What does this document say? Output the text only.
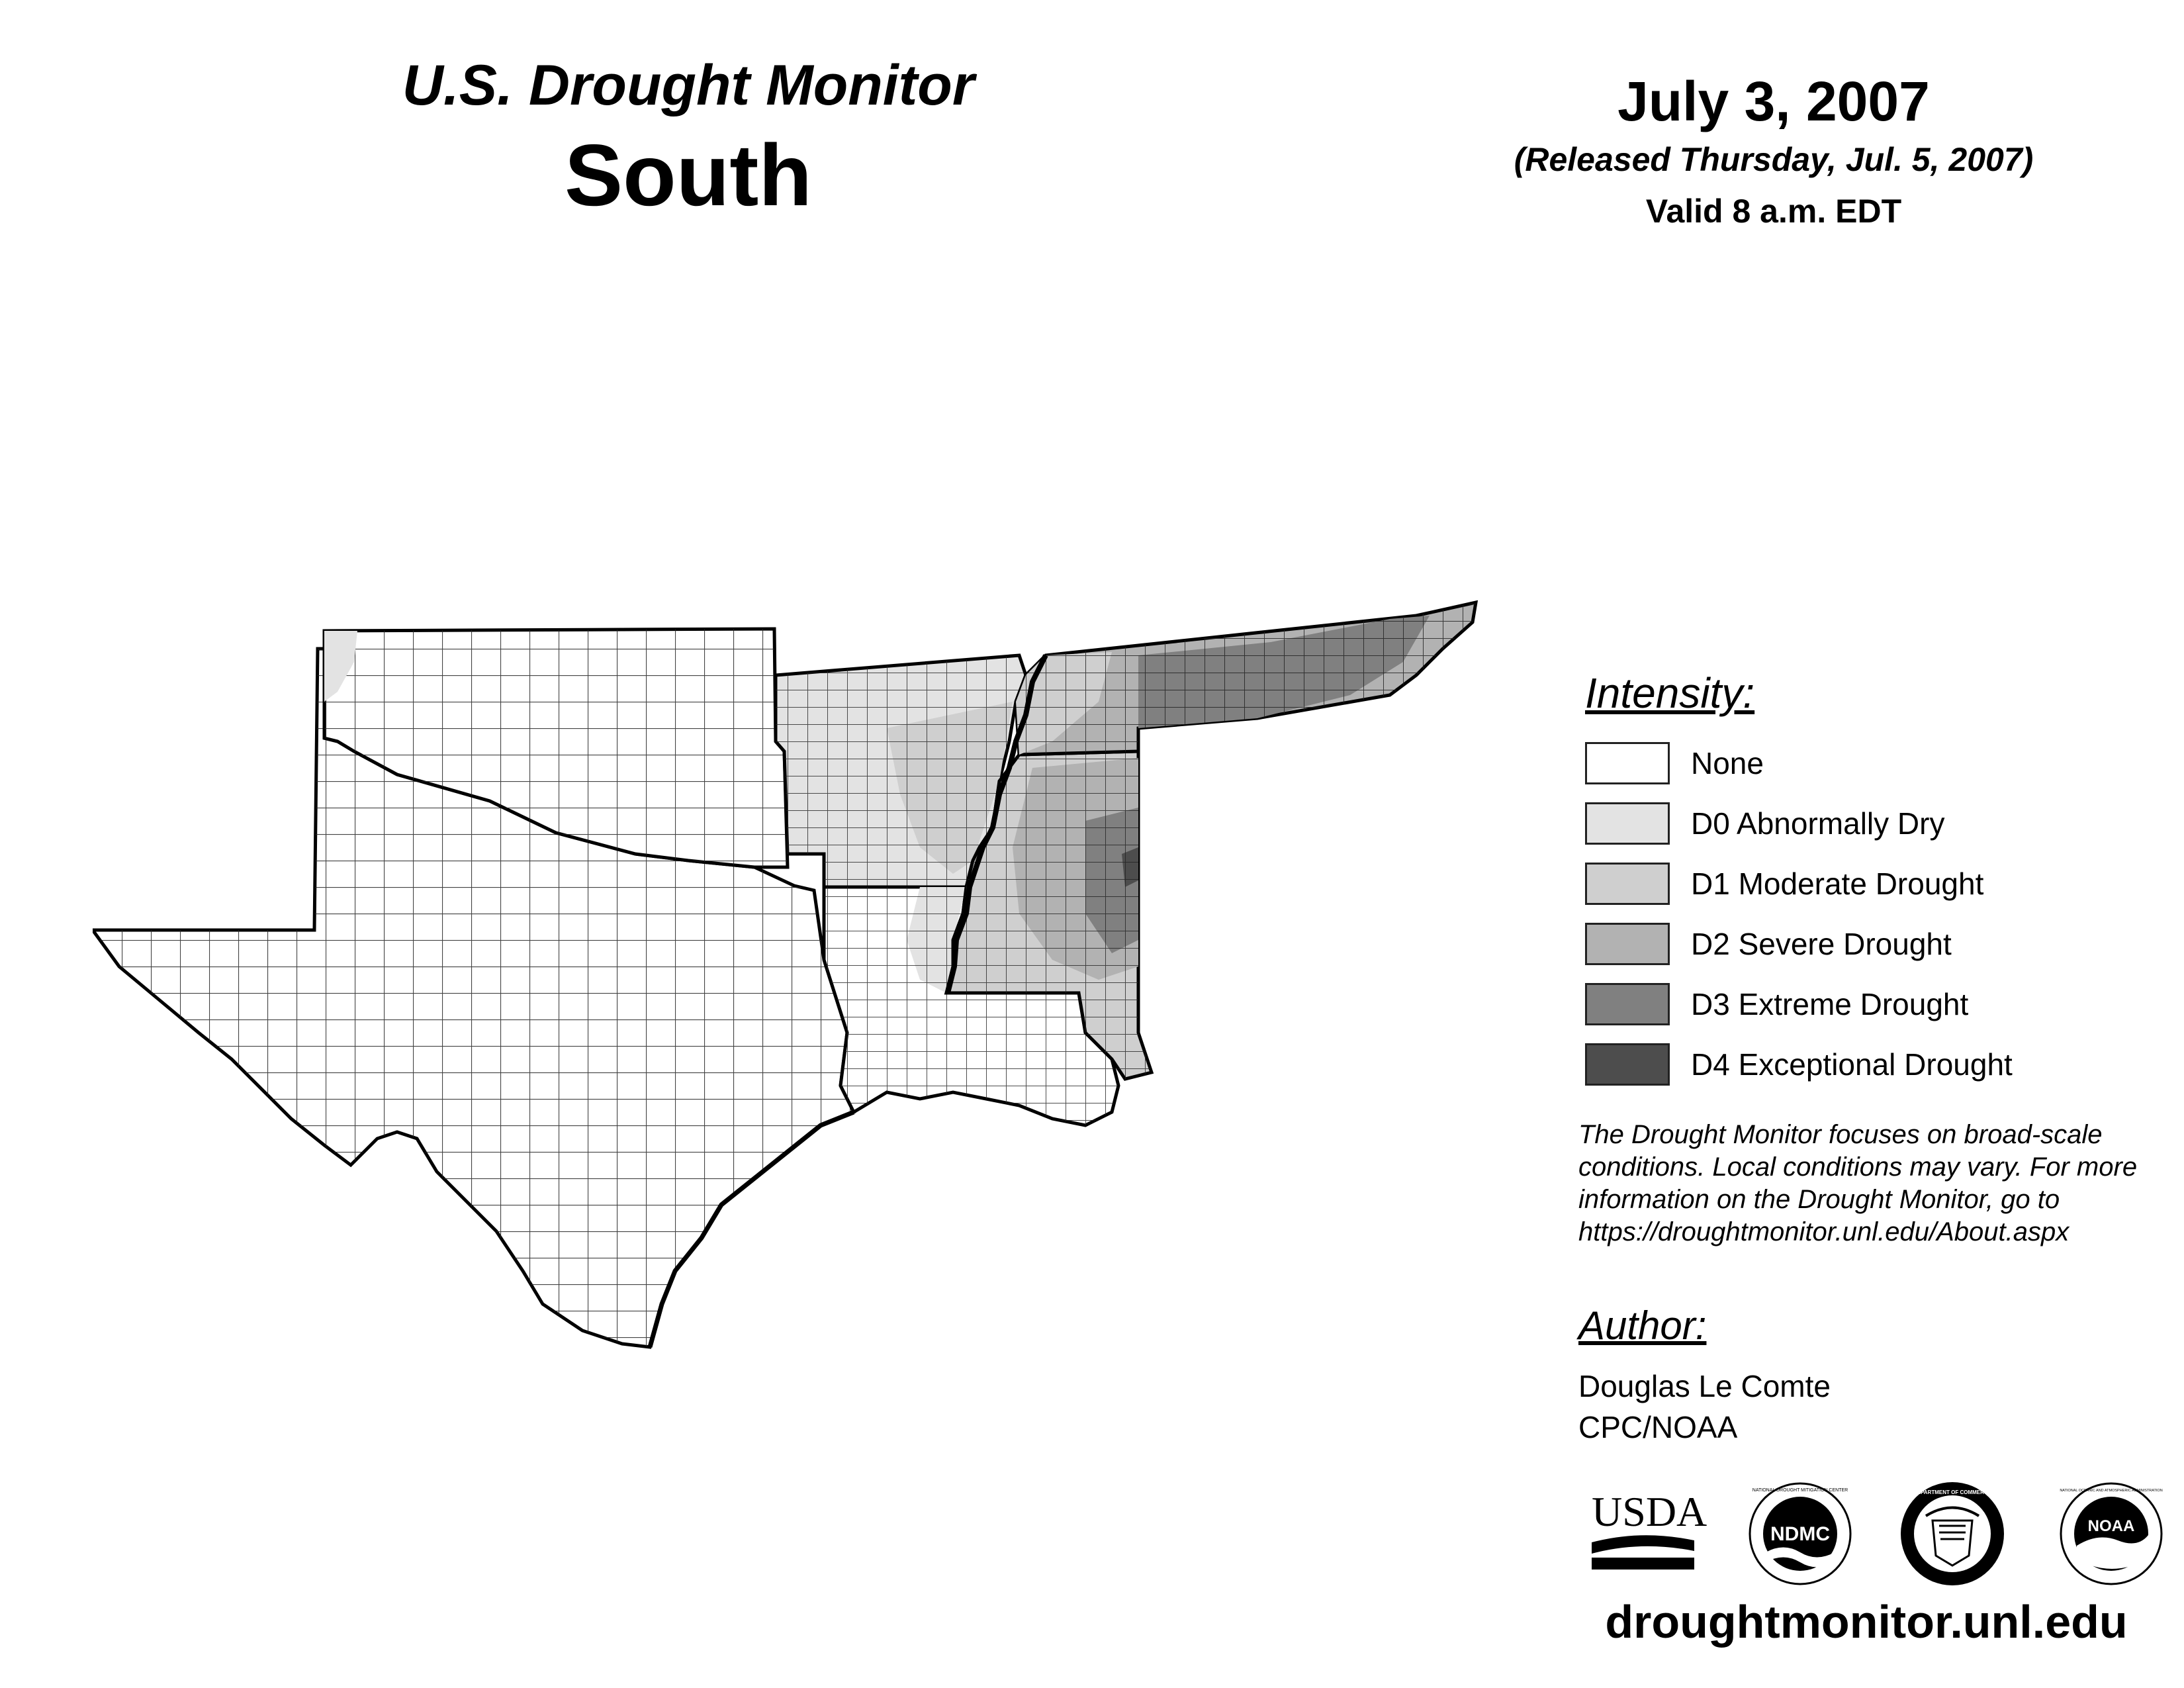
U.S. Drought Monitor
South
July 3, 2007
(Released Thursday, Jul. 5, 2007)
Valid 8 a.m. EDT
Intensity:
None
D0 Abnormally Dry
D1 Moderate Drought
D2 Severe Drought
D3 Extreme Drought
D4 Exceptional Drought
The Drought Monitor focuses on broad-scale conditions. Local conditions may vary. For more information on the Drought Monitor, go to https://droughtmonitor.unl.edu/About.aspx
Author:
Douglas Le Comte
CPC/NOAA
USDA	NDMC
NATIONAL DROUGHT MITIGATION CENTER	DEPARTMENT OF COMMERCE
NOAA
NATIONAL OCEANIC AND ATMOSPHERIC ADMINISTRATION
droughtmonitor.unl.edu
